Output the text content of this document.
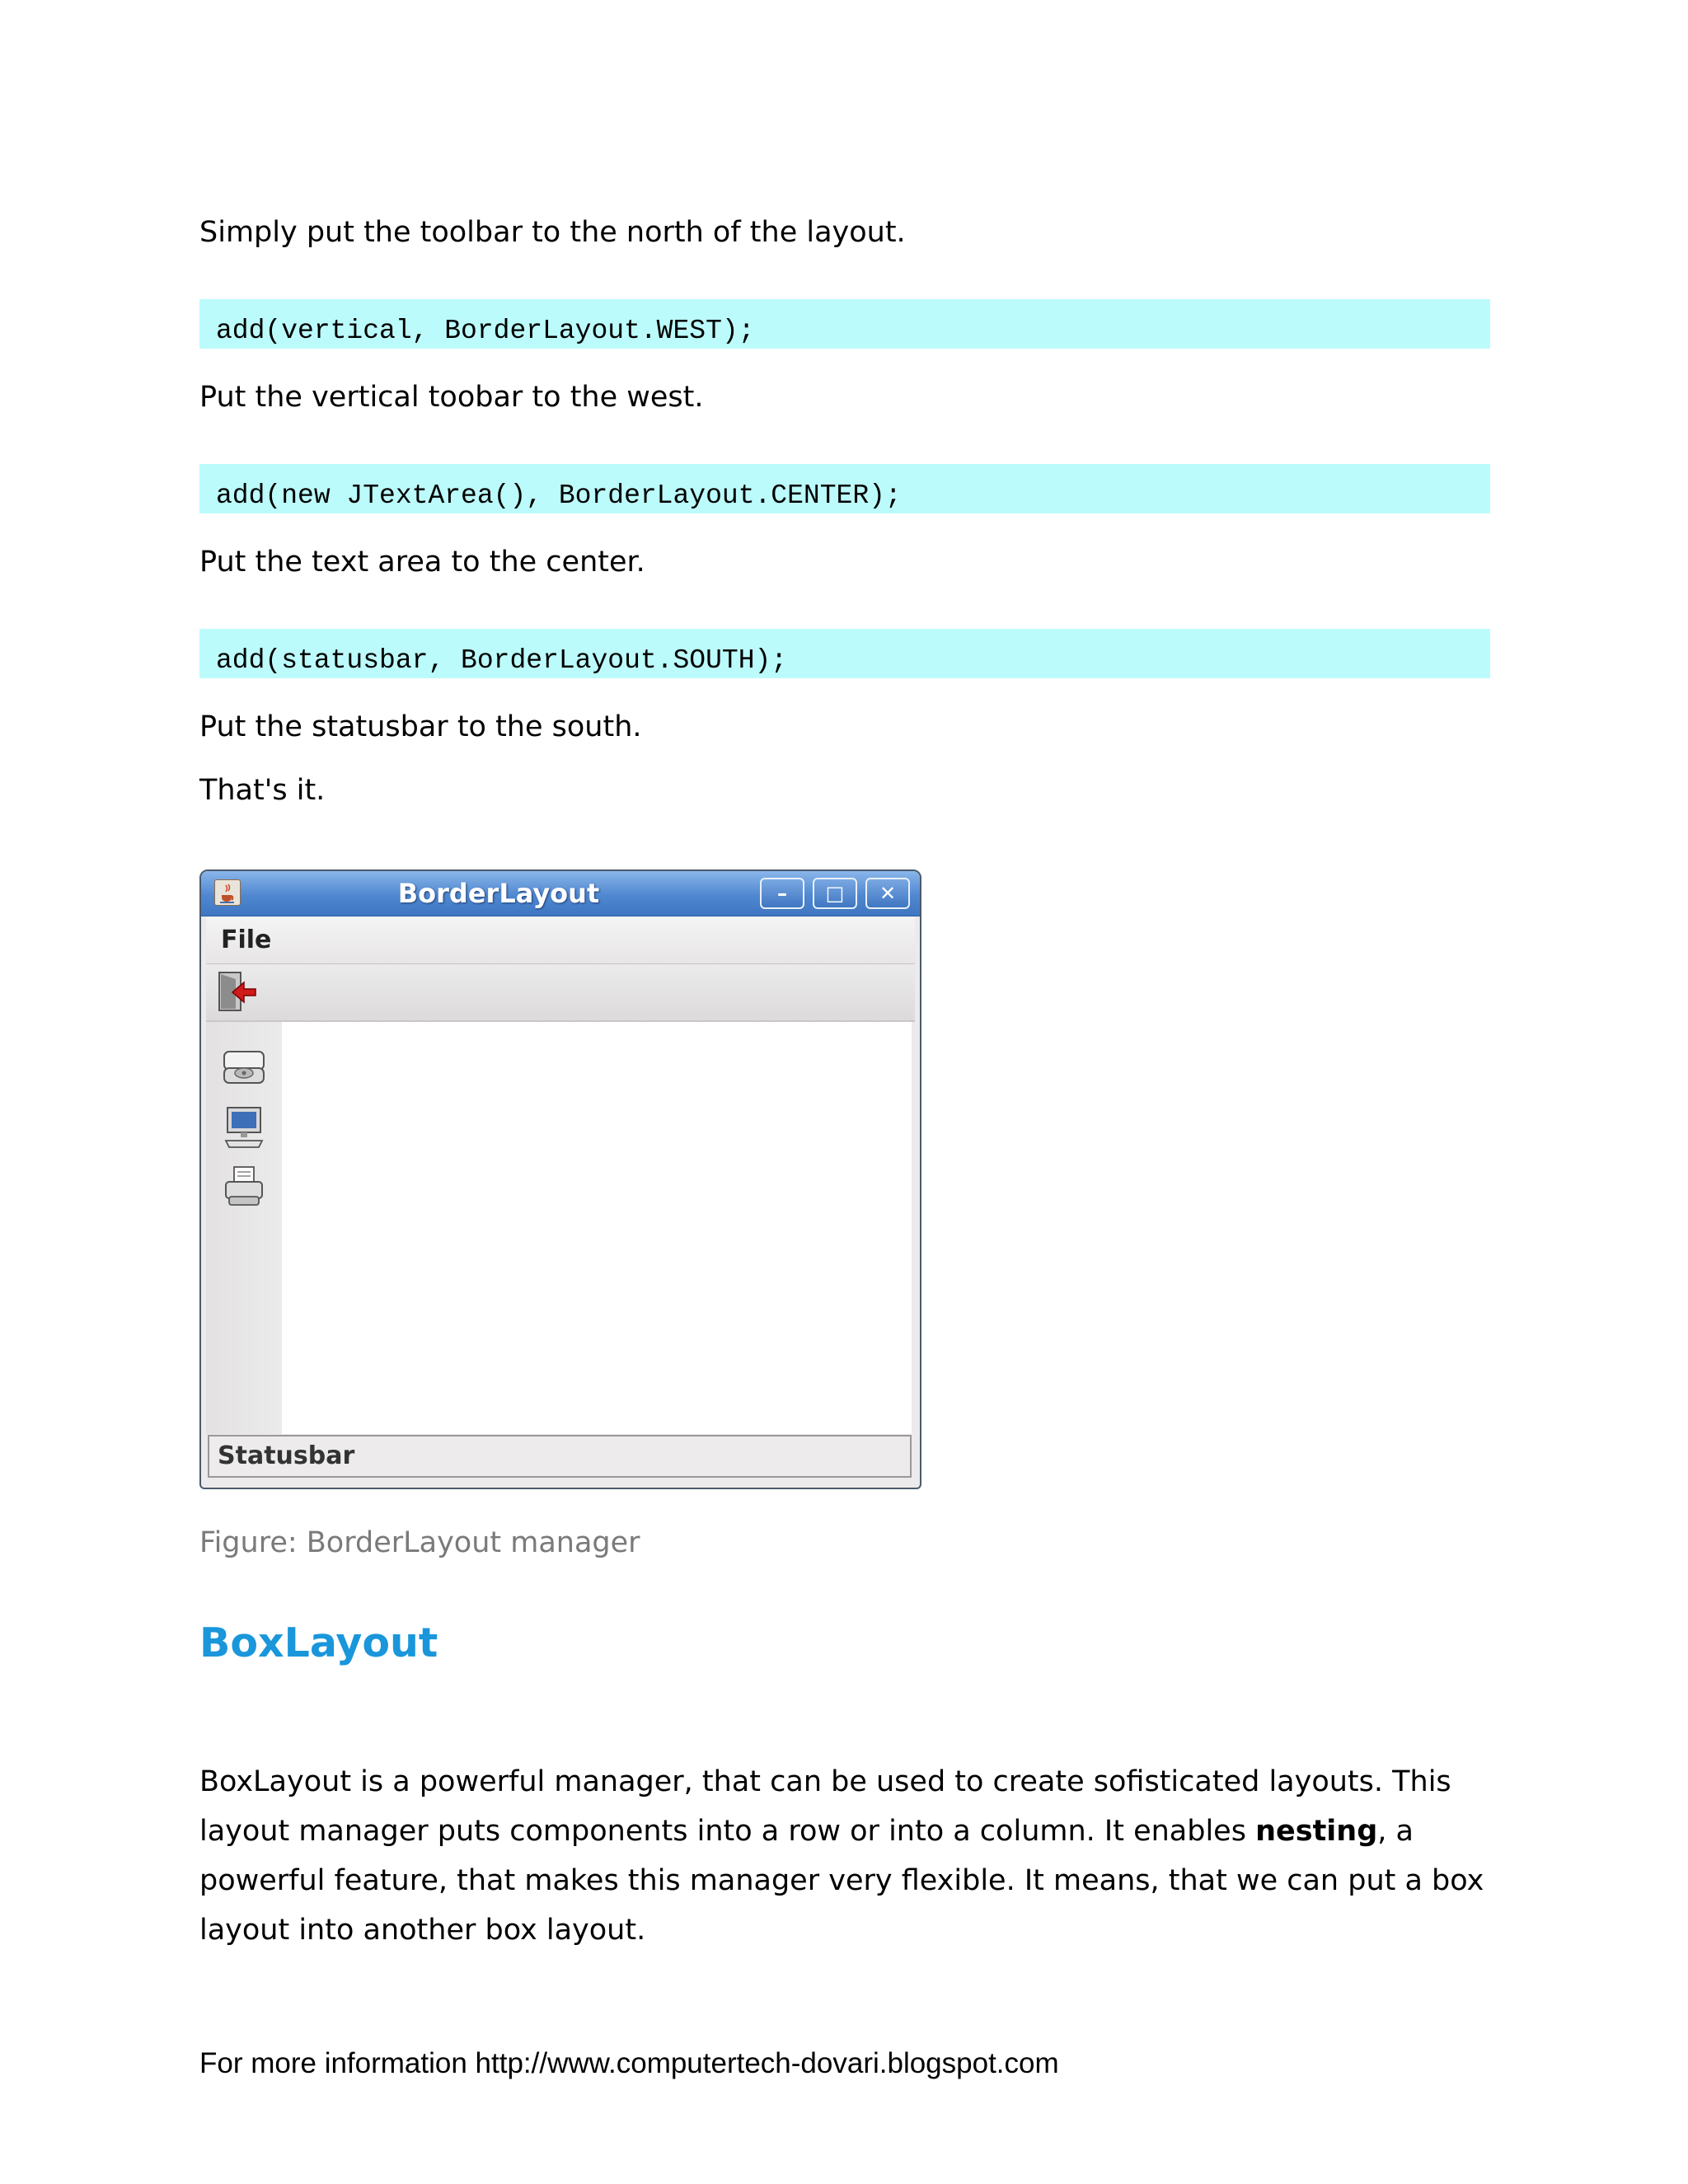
Simply put the toolbar to the north of the layout.

add(vertical, BorderLayout.WEST);

Put the vertical toobar to the west.

add(new JTextArea(), BorderLayout.CENTER);

Put the text area to the center.

add(statusbar, BorderLayout.SOUTH);

Put the statusbar to the south.

That's it.

BorderLayout	–	□	✕
File
Statusbar
Figure: BorderLayout manager
BoxLayout

BoxLayout is a powerful manager, that can be used to create sofisticated layouts. This layout manager puts components into a row or into a column. It enables nesting, a powerful feature, that makes this manager very flexible. It means, that we can put a box layout into another box layout.

For more information http://www.computertech-dovari.blogspot.com
